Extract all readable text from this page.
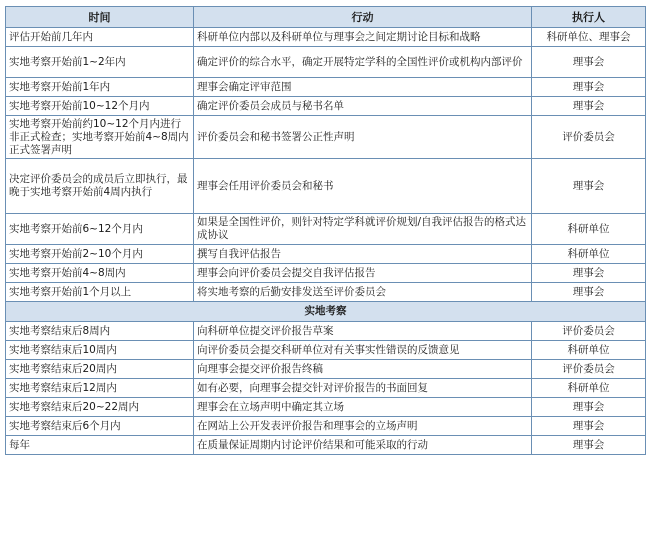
时间	行动	执行人
评估开始前几年内	科研单位内部以及科研单位与理事会之间定期讨论目标和战略	科研单位、理事会
实地考察开始前1~2年内	确定评价的综合水平，确定开展特定学科的全国性评价或机构内部评价	理事会
实地考察开始前1年内	理事会确定评审范围	理事会
实地考察开始前10~12个月内	确定评价委员会成员与秘书名单	理事会
实地考察开始前约10~12个月内进行非正式检查；实地考察开始前4~8周内正式签署声明	评价委员会和秘书签署公正性声明	评价委员会
决定评价委员会的成员后立即执行，最晚于实地考察开始前4周内执行	理事会任用评价委员会和秘书	理事会
实地考察开始前6~12个月内	如果是全国性评价，则针对特定学科就评价规划/自我评估报告的格式达成协议	科研单位
实地考察开始前2~10个月内	撰写自我评估报告	科研单位
实地考察开始前4~8周内	理事会向评价委员会提交自我评估报告	理事会
实地考察开始前1个月以上	将实地考察的后勤安排发送至评价委员会	理事会
实地考察		
实地考察结束后8周内	向科研单位提交评价报告草案	评价委员会
实地考察结束后10周内	向评价委员会提交科研单位对有关事实性错误的反馈意见	科研单位
实地考察结束后20周内	向理事会提交评价报告终稿	评价委员会
实地考察结束后12周内	如有必要，向理事会提交针对评价报告的书面回复	科研单位
实地考察结束后20~22周内	理事会在立场声明中确定其立场	理事会
实地考察结束后6个月内	在网站上公开发表评价报告和理事会的立场声明	理事会
每年	在质量保证周期内讨论评价结果和可能采取的行动	理事会
